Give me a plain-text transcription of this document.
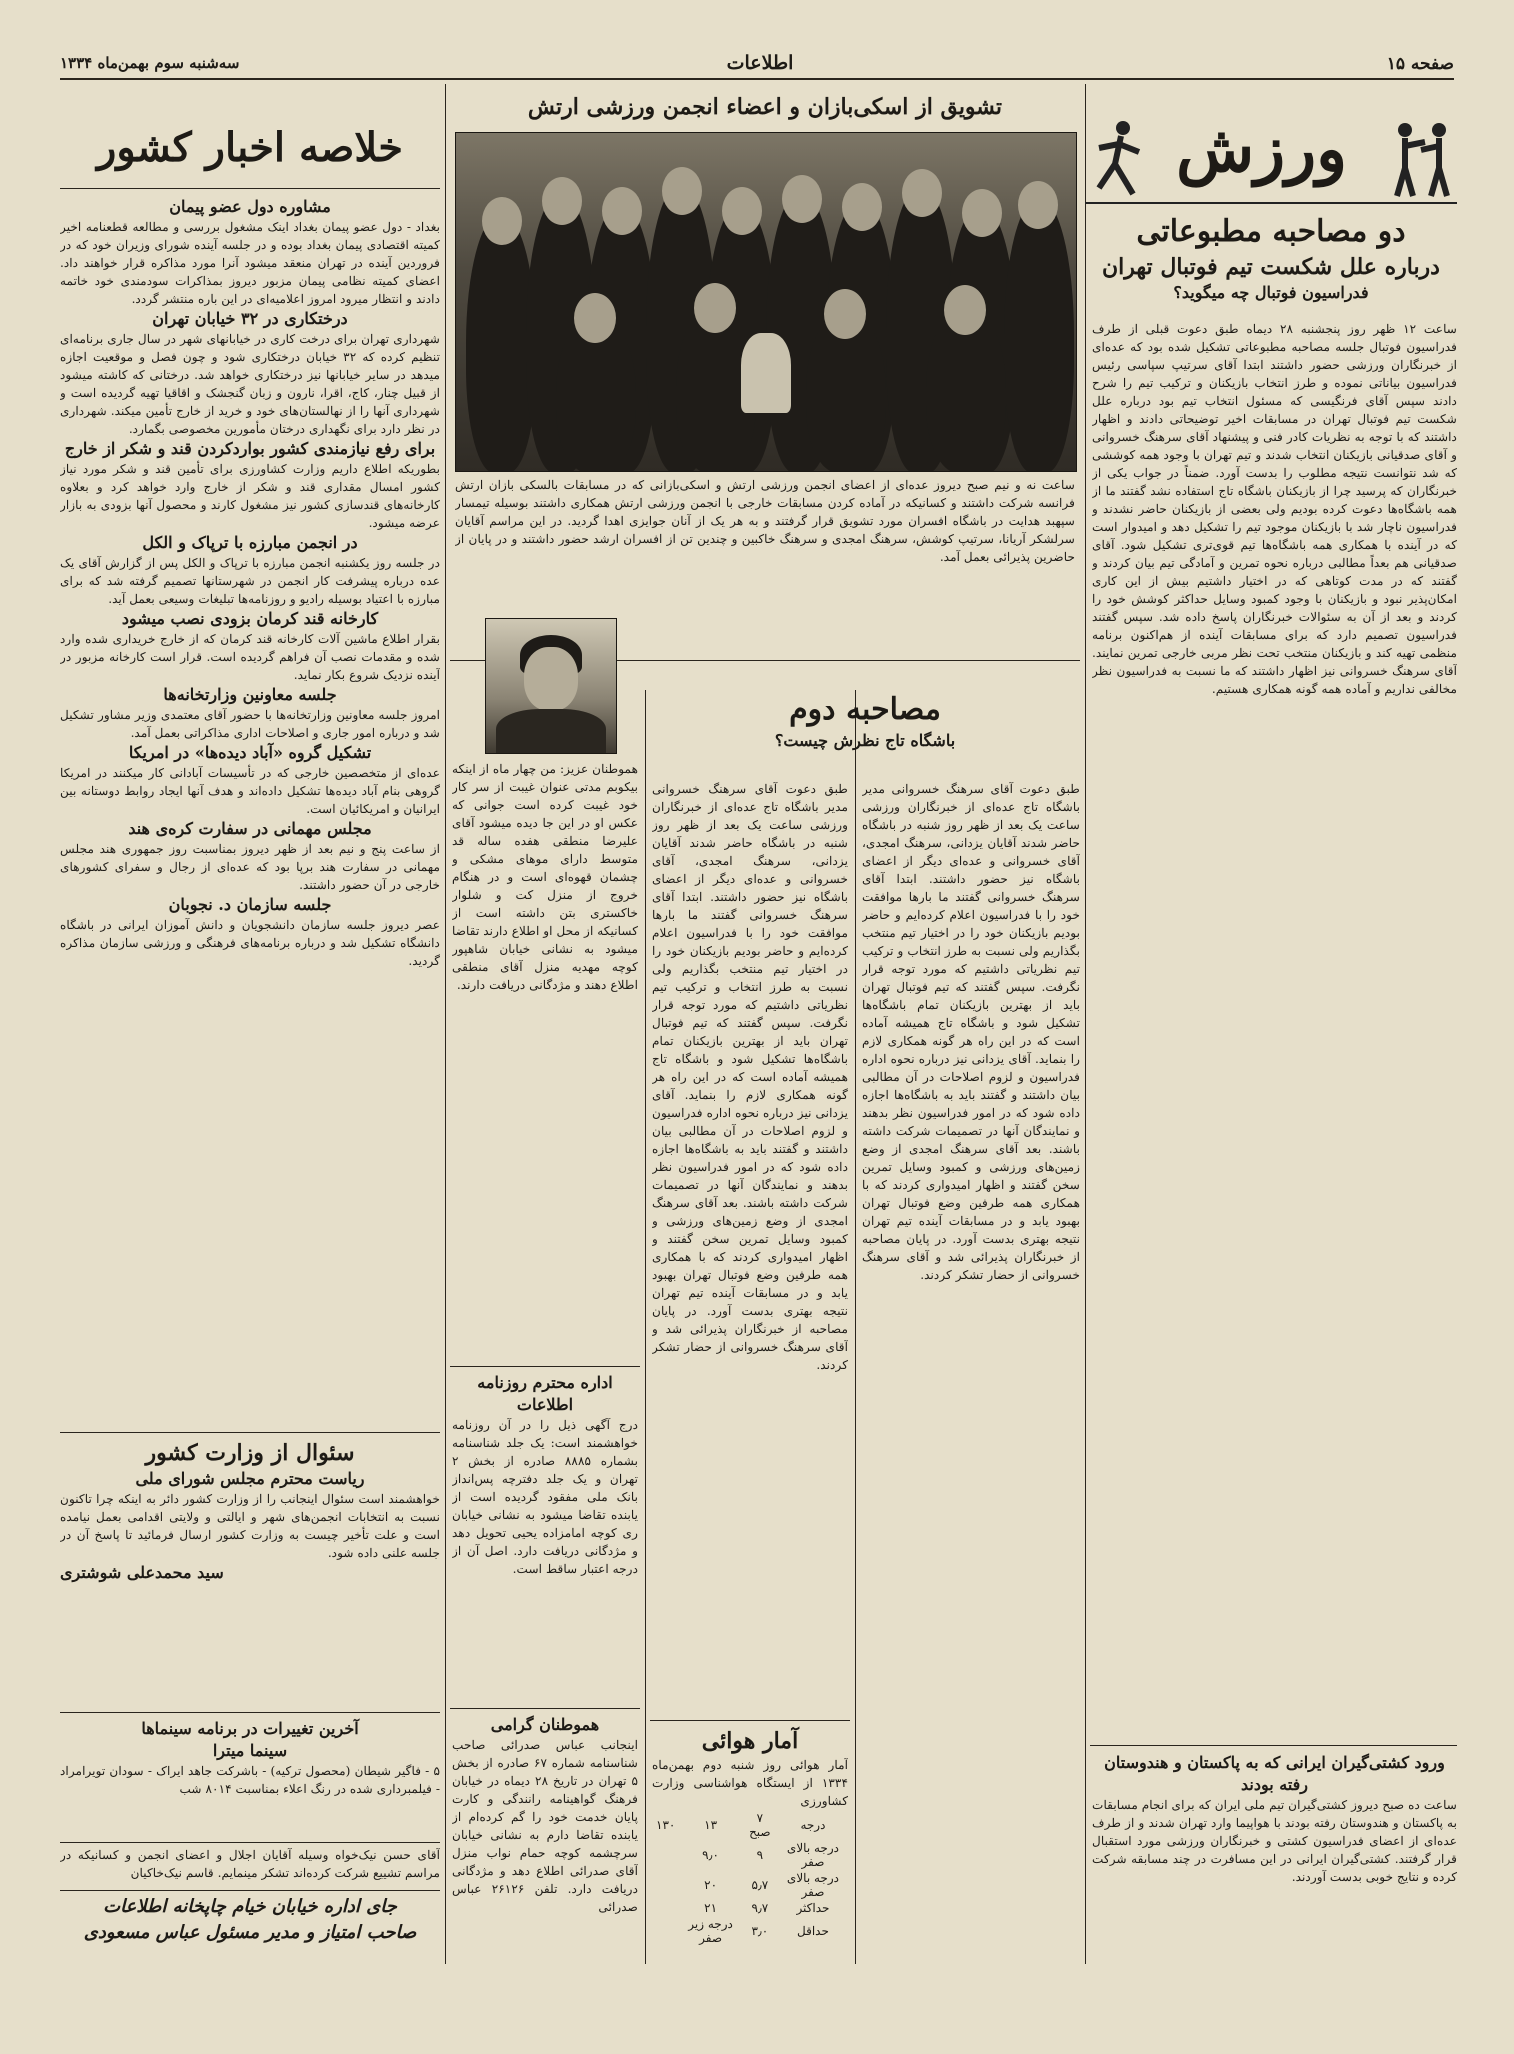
صفحه ۱۵
اطلاعات
سه‌شنبه سوم بهمن‌ماه ۱۳۳۴
ورزش
دو مصاحبه مطبوعاتی
درباره علل شکست تیم فوتبال تهران
فدراسیون فوتبال چه میگوید؟
ساعت ۱۲ ظهر روز پنجشنبه ۲۸ دیماه طبق دعوت قبلی از طرف فدراسیون فوتبال جلسه مصاحبه مطبوعاتی تشکیل شده بود که عده‌ای از خبرنگاران ورزشی حضور داشتند ابتدا آقای سرتیپ سپاسی رئیس فدراسیون بیاناتی نموده و طرز انتخاب بازیکنان و ترکیب تیم را شرح دادند سپس آقای فرنگیسی که مسئول انتخاب تیم بود درباره علل شکست تیم فوتبال تهران در مسابقات اخیر توضیحاتی دادند و اظهار داشتند که با توجه به نظریات کادر فنی و پیشنهاد آقای سرهنگ خسروانی و آقای صدقیانی بازیکنان انتخاب شدند و تیم تهران با وجود همه کوششی که شد نتوانست نتیجه مطلوب را بدست آورد. ضمناً در جواب یکی از خبرنگاران که پرسید چرا از بازیکنان باشگاه تاج استفاده نشد گفتند ما از همه باشگاه‌ها دعوت کرده بودیم ولی بعضی از بازیکنان حاضر نشدند و فدراسیون ناچار شد با بازیکنان موجود تیم را تشکیل دهد و امیدوار است که در آینده با همکاری همه باشگاه‌ها تیم قوی‌تری تشکیل شود. آقای صدقیانی هم بعداً مطالبی درباره نحوه تمرین و آمادگی تیم بیان کردند و گفتند که در مدت کوتاهی که در اختیار داشتیم بیش از این کاری امکان‌پذیر نبود و بازیکنان با وجود کمبود وسایل حداکثر کوشش خود را کردند و بعد از آن به سئوالات خبرنگاران پاسخ داده شد. سپس گفتند فدراسیون تصمیم دارد که برای مسابقات آینده از هم‌اکنون برنامه منظمی تهیه کند و بازیکنان منتخب تحت نظر مربی خارجی تمرین نمایند. آقای سرهنگ خسروانی نیز اظهار داشتند که ما نسبت به فدراسیون نظر مخالفی نداریم و آماده همه گونه همکاری هستیم.
ورود کشتی‌گیران ایرانی که به پاکستان و هندوستان رفته بودند
ساعت ده صبح دیروز کشتی‌گیران تیم ملی ایران که برای انجام مسابقات به پاکستان و هندوستان رفته بودند با هواپیما وارد تهران شدند و از طرف عده‌ای از اعضای فدراسیون کشتی و خبرنگاران ورزشی مورد استقبال قرار گرفتند. کشتی‌گیران ایرانی در این مسافرت در چند مسابقه شرکت کرده و نتایج خوبی بدست آوردند.
تشویق از اسکی‌بازان و اعضاء انجمن ورزشی ارتش
ساعت نه و نیم صبح دیروز عده‌ای از اعضای انجمن ورزشی ارتش و اسکی‌بازانی که در مسابقات بالسکی بازان ارتش فرانسه شرکت داشتند و کسانیکه در آماده کردن مسابقات خارجی با انجمن ورزشی ارتش همکاری داشتند بوسیله تیمسار سپهبد هدایت در باشگاه افسران مورد تشویق قرار گرفتند و به هر یک از آنان جوایزی اهدا گردید. در این مراسم آقایان سرلشکر آریانا، سرتیپ کوشش، سرهنگ امجدی و سرهنگ خاکبین و چندین تن از افسران ارشد حضور داشتند و در پایان از حاضرین پذیرائی بعمل آمد.
مصاحبه دوم
باشگاه تاج نظرش چیست؟
طبق دعوت آقای سرهنگ خسروانی مدیر باشگاه تاج عده‌ای از خبرنگاران ورزشی ساعت یک بعد از ظهر روز شنبه در باشگاه حاضر شدند آقایان یزدانی، سرهنگ امجدی، آقای خسروانی و عده‌ای دیگر از اعضای باشگاه نیز حضور داشتند. ابتدا آقای سرهنگ خسروانی گفتند ما بارها موافقت خود را با فدراسیون اعلام کرده‌ایم و حاضر بودیم بازیکنان خود را در اختیار تیم منتخب بگذاریم ولی نسبت به طرز انتخاب و ترکیب تیم نظریاتی داشتیم که مورد توجه قرار نگرفت. سپس گفتند که تیم فوتبال تهران باید از بهترین بازیکنان تمام باشگاه‌ها تشکیل شود و باشگاه تاج همیشه آماده است که در این راه هر گونه همکاری لازم را بنماید. آقای یزدانی نیز درباره نحوه اداره فدراسیون و لزوم اصلاحات در آن مطالبی بیان داشتند و گفتند باید به باشگاه‌ها اجازه داده شود که در امور فدراسیون نظر بدهند و نمایندگان آنها در تصمیمات شرکت داشته باشند. بعد آقای سرهنگ امجدی از وضع زمین‌های ورزشی و کمبود وسایل تمرین سخن گفتند و اظهار امیدواری کردند که با همکاری همه طرفین وضع فوتبال تهران بهبود یابد و در مسابقات آینده تیم تهران نتیجه بهتری بدست آورد. در پایان مصاحبه از خبرنگاران پذیرائی شد و آقای سرهنگ خسروانی از حضار تشکر کردند.
طبق دعوت آقای سرهنگ خسروانی مدیر باشگاه تاج عده‌ای از خبرنگاران ورزشی ساعت یک بعد از ظهر روز شنبه در باشگاه حاضر شدند آقایان یزدانی، سرهنگ امجدی، آقای خسروانی و عده‌ای دیگر از اعضای باشگاه نیز حضور داشتند. ابتدا آقای سرهنگ خسروانی گفتند ما بارها موافقت خود را با فدراسیون اعلام کرده‌ایم و حاضر بودیم بازیکنان خود را در اختیار تیم منتخب بگذاریم ولی نسبت به طرز انتخاب و ترکیب تیم نظریاتی داشتیم که مورد توجه قرار نگرفت. سپس گفتند که تیم فوتبال تهران باید از بهترین بازیکنان تمام باشگاه‌ها تشکیل شود و باشگاه تاج همیشه آماده است که در این راه هر گونه همکاری لازم را بنماید. آقای یزدانی نیز درباره نحوه اداره فدراسیون و لزوم اصلاحات در آن مطالبی بیان داشتند و گفتند باید به باشگاه‌ها اجازه داده شود که در امور فدراسیون نظر بدهند و نمایندگان آنها در تصمیمات شرکت داشته باشند. بعد آقای سرهنگ امجدی از وضع زمین‌های ورزشی و کمبود وسایل تمرین سخن گفتند و اظهار امیدواری کردند که با همکاری همه طرفین وضع فوتبال تهران بهبود یابد و در مسابقات آینده تیم تهران نتیجه بهتری بدست آورد. در پایان مصاحبه از خبرنگاران پذیرائی شد و آقای سرهنگ خسروانی از حضار تشکر کردند.
آمار هوائی
آمار هوائی روز شنبه دوم بهمن‌ماه ۱۳۳۴ از ایستگاه هواشناسی وزارت کشاورزی
درجه	۷ صبح	۱۳	۱۳۰
درجه بالای صفر	۹	۹٫۰	
درجه بالای صفر	۵٫۷	۲۰	
حداکثر	۹٫۷	۲۱	
حداقل	۳٫۰	درجه زیر صفر	
هموطنان عزیز: من چهار ماه از اینکه بیکوبم مدتی عنوان غیبت از سر کار خود غیبت کرده است جوانی که عکس او در این جا دیده میشود آقای علیرضا منطقی هفده ساله قد متوسط دارای موهای مشکی و چشمان قهوه‌ای است و در هنگام خروج از منزل کت و شلوار خاکستری بتن داشته است از کسانیکه از محل او اطلاع دارند تقاضا میشود به نشانی خیابان شاهپور کوچه مهدیه منزل آقای منطقی اطلاع دهند و مژدگانی دریافت دارند.
اداره محترم روزنامه اطلاعات
درج آگهی ذیل را در آن روزنامه خواهشمند است: یک جلد شناسنامه بشماره ۸۸۸۵ صادره از بخش ۲ تهران و یک جلد دفترچه پس‌انداز بانک ملی مفقود گردیده است از یابنده تقاضا میشود به نشانی خیابان ری کوچه امامزاده یحیی تحویل دهد و مژدگانی دریافت دارد. اصل آن از درجه اعتبار ساقط است.
هموطنان گرامی
اینجانب عباس صدرائی صاحب شناسنامه شماره ۶۷ صادره از بخش ۵ تهران در تاریخ ۲۸ دیماه در خیابان فرهنگ گواهینامه رانندگی و کارت پایان خدمت خود را گم کرده‌ام از یابنده تقاضا دارم به نشانی خیابان سرچشمه کوچه حمام نواب منزل آقای صدرائی اطلاع دهد و مژدگانی دریافت دارد. تلفن ۲۶۱۲۶ عباس صدرائی
خلاصه اخبار کشور
مشاوره دول عضو پیمان
بغداد - دول عضو پیمان بغداد اینک مشغول بررسی و مطالعه قطعنامه اخیر کمیته اقتصادی پیمان بغداد بوده و در جلسه آینده شورای وزیران خود که در فروردین آینده در تهران منعقد میشود آنرا مورد مذاکره قرار خواهند داد. اعضای کمیته نظامی پیمان مزبور دیروز بمذاکرات سودمندی خود خاتمه دادند و انتظار میرود امروز اعلامیه‌ای در این باره منتشر گردد.
درختکاری در ۳۲ خیابان تهران
شهرداری تهران برای درخت کاری در خیابانهای شهر در سال جاری برنامه‌ای تنظیم کرده که ۳۲ خیابان درختکاری شود و چون فصل و موقعیت اجازه میدهد در سایر خیابانها نیز درختکاری خواهد شد. درختانی که کاشته میشود از قبیل چنار، کاج، اقرا، نارون و زبان گنجشک و اقاقیا تهیه گردیده است و شهرداری آنها را از نهالستان‌های خود و خرید از خارج تأمین میکند. شهرداری در نظر دارد برای نگهداری درختان مأمورین مخصوصی بگمارد.
برای رفع نیازمندی کشور بواردکردن قند و شکر از خارج
بطوریکه اطلاع داریم وزارت کشاورزی برای تأمین قند و شکر مورد نیاز کشور امسال مقداری قند و شکر از خارج وارد خواهد کرد و بعلاوه کارخانه‌های قندسازی کشور نیز مشغول کارند و محصول آنها بزودی به بازار عرضه میشود.
در انجمن مبارزه با ترپاک و الکل
در جلسه روز یکشنبه انجمن مبارزه با ترپاک و الکل پس از گزارش آقای یک عده درباره پیشرفت کار انجمن در شهرستانها تصمیم گرفته شد که برای مبارزه با اعتیاد بوسیله رادیو و روزنامه‌ها تبلیغات وسیعی بعمل آید.
کارخانه قند کرمان بزودی نصب میشود
بقرار اطلاع ماشین آلات کارخانه قند کرمان که از خارج خریداری شده وارد شده و مقدمات نصب آن فراهم گردیده است. قرار است کارخانه مزبور در آینده نزدیک شروع بکار نماید.
جلسه معاونین وزارتخانه‌ها
امروز جلسه معاونین وزارتخانه‌ها با حضور آقای معتمدی وزیر مشاور تشکیل شد و درباره امور جاری و اصلاحات اداری مذاکراتی بعمل آمد.
تشکیل گروه «آباد دیده‌ها» در امریکا
عده‌ای از متخصصین خارجی که در تأسیسات آبادانی کار میکنند در امریکا گروهی بنام آباد دیده‌ها تشکیل داده‌اند و هدف آنها ایجاد روابط دوستانه بین ایرانیان و امریکائیان است.
مجلس مهمانی در سفارت کره‌ی هند
از ساعت پنج و نیم بعد از ظهر دیروز بمناسبت روز جمهوری هند مجلس مهمانی در سفارت هند برپا بود که عده‌ای از رجال و سفرای کشورهای خارجی در آن حضور داشتند.
جلسه سازمان د. نجوبان
عصر دیروز جلسه سازمان دانشجویان و دانش آموزان ایرانی در باشگاه دانشگاه تشکیل شد و درباره برنامه‌های فرهنگی و ورزشی سازمان مذاکره گردید.
سئوال از وزارت کشور
ریاست محترم مجلس شورای ملی
خواهشمند است سئوال اینجانب را از وزارت کشور دائر به اینکه چرا تاکنون نسبت به انتخابات انجمن‌های شهر و ایالتی و ولایتی اقدامی بعمل نیامده است و علت تأخیر چیست به وزارت کشور ارسال فرمائید تا پاسخ آن در جلسه علنی داده شود.
سید محمدعلی شوشتری
آخرین تغییرات در برنامه سینماها
سینما میترا
۵ - فاگیر شیطان (محصول ترکیه) - باشرکت جاهد ایراک - سودان تویرامراد - فیلمبرداری شده در رنگ اعلاء بمناسبت ۸۰۱۴ شب
آقای حسن نیک‌خواه وسیله آقایان اجلال و اعضای انجمن و کسانیکه در مراسم تشییع شرکت کرده‌اند تشکر مینمایم. قاسم نیک‌خاکیان
جای اداره خیابان خیام چاپخانه اطلاعات
صاحب امتیاز و مدیر مسئول عباس مسعودی
